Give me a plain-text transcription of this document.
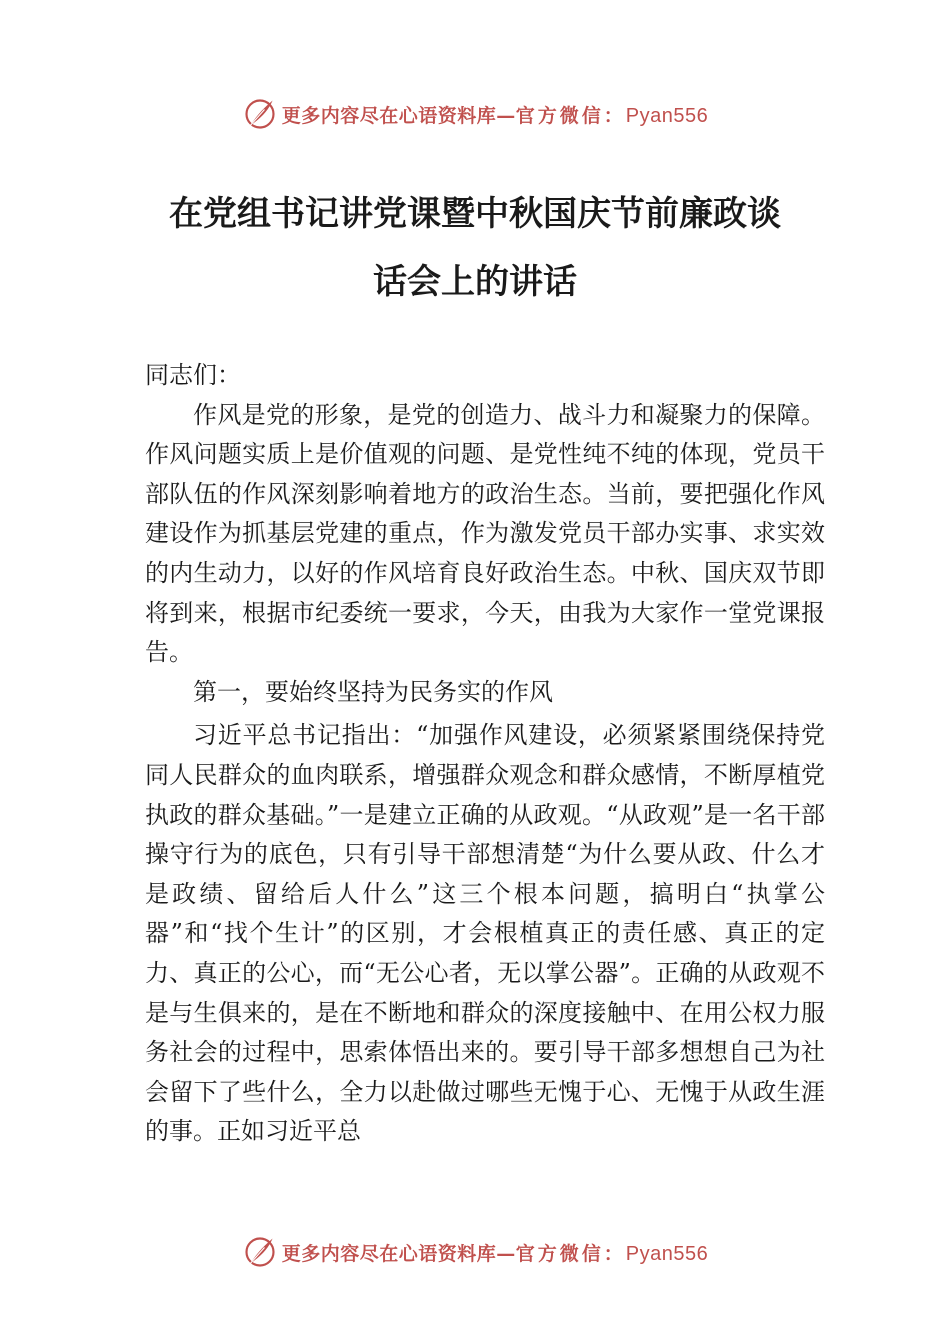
更多内容尽在心语资料库 — 官方微信： Pyan556
在党组书记讲党课暨中秋国庆节前廉政谈
话会上的讲话

同志们：

作风是党的形象，是党的创造力、战斗力和凝聚力的保障。作风问题实质上是价值观的问题、是党性纯不纯的体现，党员干部队伍的作风深刻影响着地方的政治生态。当前，要把强化作风建设作为抓基层党建的重点，作为激发党员干部办实事、求实效的内生动力，以好的作风培育良好政治生态。中秋、国庆双节即将到来，根据市纪委统一要求，今天，由我为大家作一堂党课报告。

第一，要始终坚持为民务实的作风

习近平总书记指出：“加强作风建设，必须紧紧围绕保持党同人民群众的血肉联系，增强群众观念和群众感情，不断厚植党执政的群众基础。”一是建立正确的从政观。“从政观”是一名干部操守行为的底色，只有引导干部想清楚“为什么要从政、什么才是政绩、留给后人什么”这三个根本问题，搞明白“执掌公器”和“找个生计”的区别，才会根植真正的责任感、真正的定力、真正的公心，而“无公心者，无以掌公器”。正确的从政观不是与生俱来的，是在不断地和群众的深度接触中、在用公权力服务社会的过程中，思索体悟出来的。要引导干部多想想自己为社会留下了些什么，全力以赴做过哪些无愧于心、无愧于从政生涯的事。正如习近平总

更多内容尽在心语资料库 — 官方微信： Pyan556
